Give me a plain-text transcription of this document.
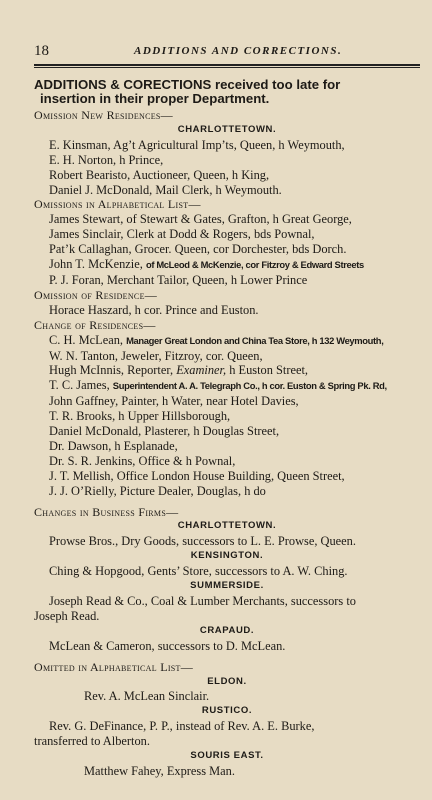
18	ADDITIONS AND CORRECTIONS.
ADDITIONS & CORECTIONS received too late for
insertion in their proper Department.
Omission New Residences—
CHARLOTTETOWN.
E. Kinsman, Ag’t Agricultural Imp’ts, Queen, h Weymouth,
E. H. Norton, h Prince,
Robert Bearisto, Auctioneer, Queen, h King,
Daniel J. McDonald, Mail Clerk, h Weymouth.
Omissions in Alphabetical List—
James Stewart, of Stewart & Gates, Grafton, h Great George,
James Sinclair, Clerk at Dodd & Rogers, bds Pownal,
Pat’k Callaghan, Grocer. Queen, cor Dorchester, bds Dorch.
John T. McKenzie, of McLeod & McKenzie, cor Fitzroy & Edward Streets
P. J. Foran, Merchant Tailor, Queen, h Lower Prince
Omission of Residence—
Horace Haszard, h cor. Prince and Euston.
Change of Residences—
C. H. McLean, Manager Great London and China Tea Store, h 132 Weymouth,
W. N. Tanton, Jeweler, Fitzroy, cor. Queen,
Hugh McInnis, Reporter, Examiner, h Euston Street,
T. C. James, Superintendent A. A. Telegraph Co., h cor. Euston & Spring Pk. Rd,
John Gaffney, Painter, h Water, near Hotel Davies,
T. R. Brooks, h Upper Hillsborough,
Daniel McDonald, Plasterer, h Douglas Street,
Dr. Dawson, h Esplanade,
Dr. S. R. Jenkins, Office & h Pownal,
J. T. Mellish, Office London House Building, Queen Street,
J. J. O’Rielly, Picture Dealer, Douglas, h do
Changes in Business Firms—
CHARLOTTETOWN.
Prowse Bros., Dry Goods, successors to L. E. Prowse, Queen.
KENSINGTON.
Ching & Hopgood, Gents’ Store, successors to A. W. Ching.
SUMMERSIDE.
Joseph Read & Co., Coal & Lumber Merchants, successors to
Joseph Read.
CRAPAUD.
McLean & Cameron, successors to D. McLean.
Omitted in Alphabetical List—
ELDON.
Rev. A. McLean Sinclair.
RUSTICO.
Rev. G. DeFinance, P. P., instead of Rev. A. E. Burke,
transferred to Alberton.
SOURIS EAST.
Matthew Fahey, Express Man.
